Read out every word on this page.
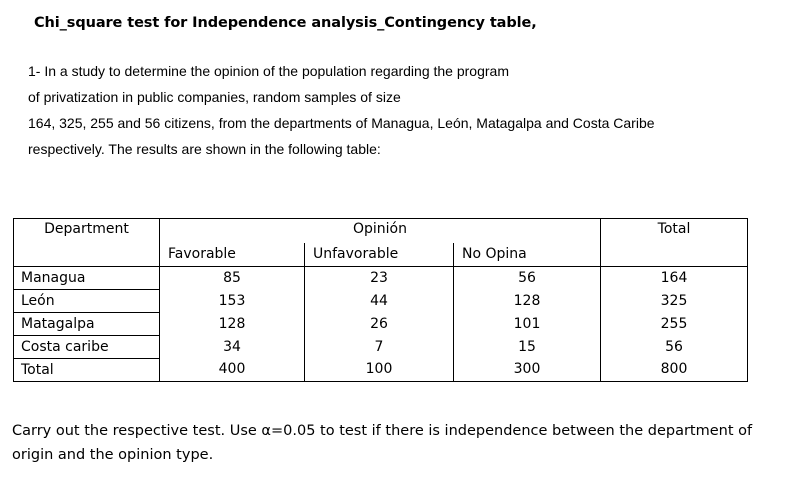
Chi_square test for Independence analysis_Contingency table,
1- In a study to determine the opinion of the population regarding the program
of privatization in public companies, random samples of size
164, 325, 255 and 56 citizens, from the departments of Managua, León, Matagalpa and Costa Caribe
respectively. The results are shown in the following table:
Department	Opinión			Total
	Favorable	Unfavorable	No Opina	
Managua	85	23	56	164
León	153	44	128	325
Matagalpa	128	26	101	255
Costa caribe	34	7	15	56
Total	400	100	300	800
Carry out the respective test. Use α=0.05 to test if there is independence between the department of origin and the opinion type.
